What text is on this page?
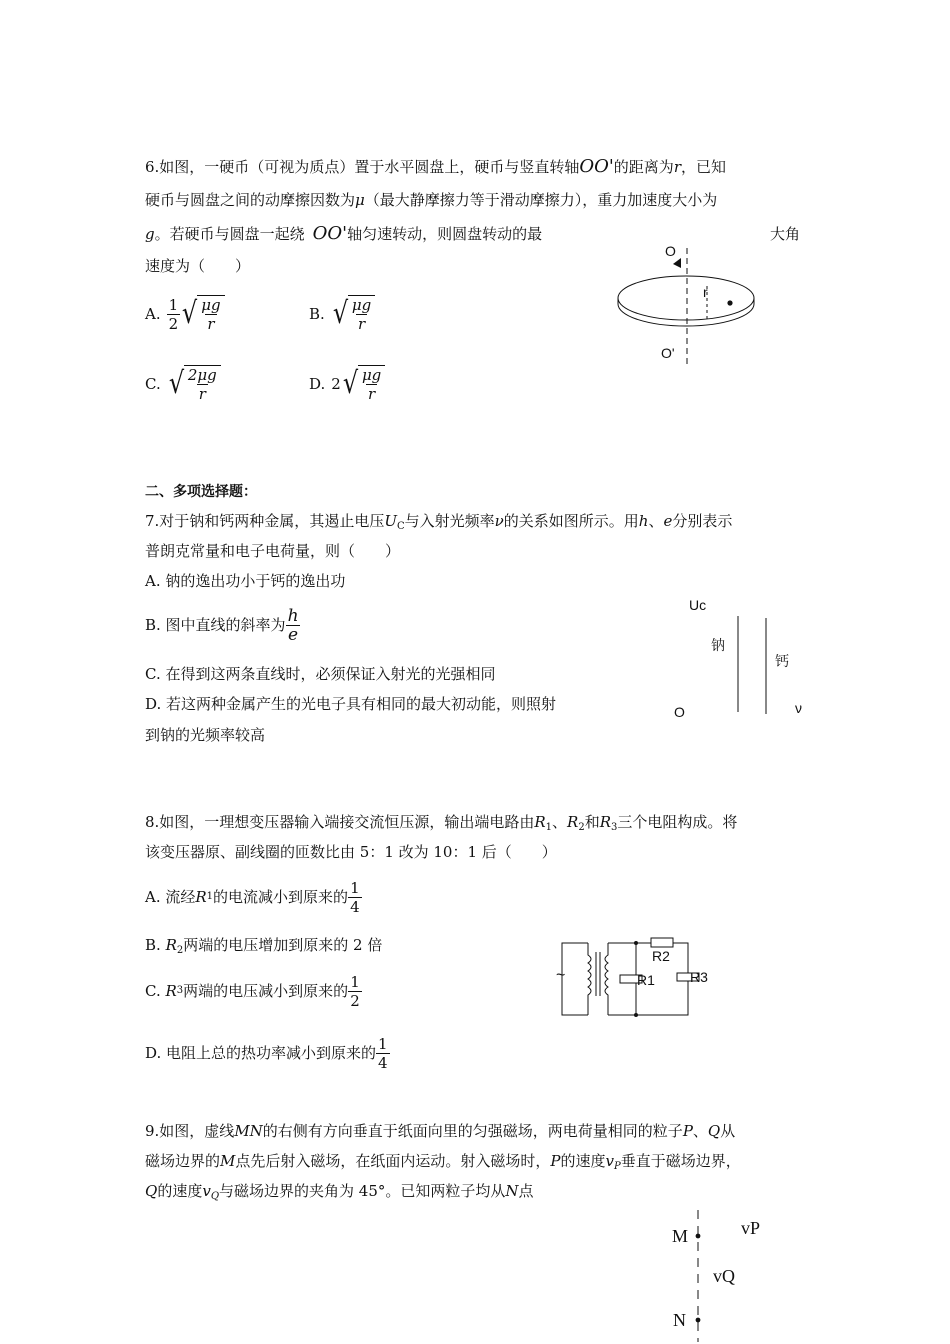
6.如图，一硬币（可视为质点）置于水平圆盘上，硬币与竖直转轴OO'的距离为r，已知
硬币与圆盘之间的动摩擦因数为μ（最大静摩擦力等于滑动摩擦力），重力加速度大小为
g。若硬币与圆盘一起绕 OO'轴匀速转动，则圆盘转动的最	大角
速度为（　　）
A. $\frac{1}{2}$ √ $\frac{\mu g}{r}$	B. √ $\frac{\mu g}{r}$
C. √ $\frac{2\mu g}{r}$	D. 2 √ $\frac{\mu g}{r}$
O
O'
r
二、多项选择题：
7.对于钠和钙两种金属，其遏止电压$U_C$与入射光频率ν的关系如图所示。用h、e分别表示
普朗克常量和电子电荷量，则（　　）
A. 钠的逸出功小于钙的逸出功
B. 图中直线的斜率为 $\frac{h}{e}$
C. 在得到这两条直线时，必须保证入射光的光强相同
D. 若这两种金属产生的光电子具有相同的最大初动能，则照射
到钠的光频率较高
Uc
钠
钙
O	ν
8.如图，一理想变压器输入端接交流恒压源，输出端电路由$R_1$、$R_2$和$R_3$三个电阻构成。将
该变压器原、副线圈的匝数比由 5：1 改为 10：1 后（　　）
A. 流经 R 1 的电流减小到原来的 $\frac{1}{4}$
B. $R_2$两端的电压增加到原来的 2 倍
C.
R 3 两端的电压减小到原来的 $\frac{1}{2}$
D. 电阻上总的热功率减小到原来的 $\frac{1}{4}$
~
R2
R1	R3
9.如图，虚线MN的右侧有方向垂直于纸面向里的匀强磁场，两电荷量相同的粒子P、Q从
磁场边界的M点先后射入磁场，在纸面内运动。射入磁场时，P的速度$v_P$垂直于磁场边界，
Q的速度$v_Q$与磁场边界的夹角为 45°。已知两粒子均从N点
M
N
vP
vQ
